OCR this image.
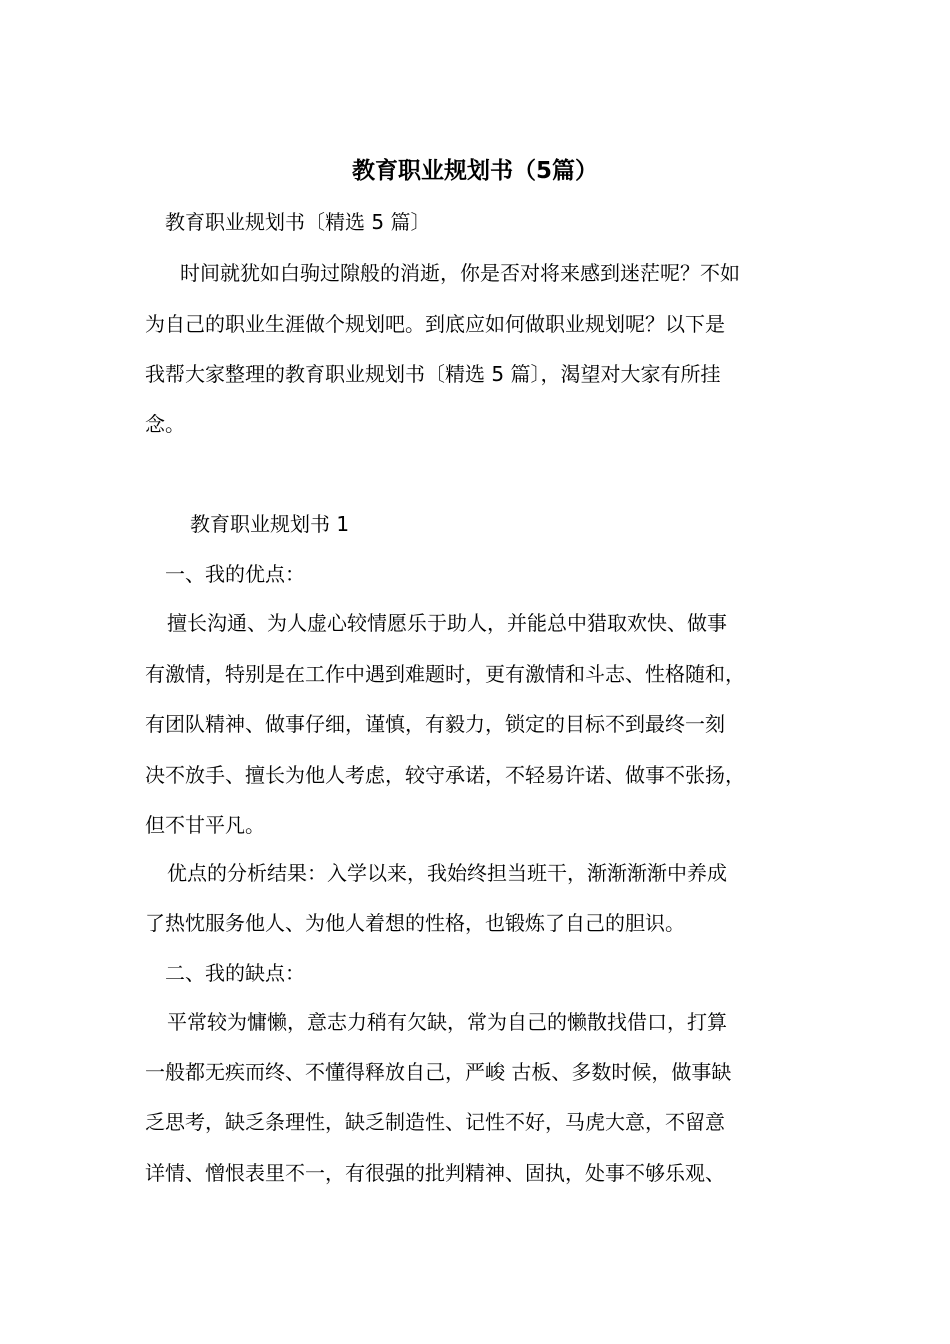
教育职业规划书（5篇）

教育职业规划书〔精选 5 篇〕

时间就犹如白驹过隙般的消逝，你是否对将来感到迷茫呢？不如

为自己的职业生涯做个规划吧。到底应如何做职业规划呢？以下是

我帮大家整理的教育职业规划书〔精选 5 篇〕，渴望对大家有所挂

念。

教育职业规划书 1

一、我的优点：

擅长沟通、为人虚心较情愿乐于助人，并能总中猎取欢快、做事

有激情，特别是在工作中遇到难题时，更有激情和斗志、性格随和，

有团队精神、做事仔细，谨慎，有毅力，锁定的目标不到最终一刻

决不放手、擅长为他人考虑，较守承诺，不轻易许诺、做事不张扬，

但不甘平凡。

优点的分析结果：入学以来，我始终担当班干，渐渐渐渐中养成

了热忱服务他人、为他人着想的性格，也锻炼了自己的胆识。

二、我的缺点：

平常较为慵懒，意志力稍有欠缺，常为自己的懒散找借口，打算

一般都无疾而终、不懂得释放自己，严峻 古板、多数时候，做事缺

乏思考，缺乏条理性，缺乏制造性、记性不好，马虎大意，不留意

详情、憎恨表里不一，有很强的批判精神、固执，处事不够乐观、
